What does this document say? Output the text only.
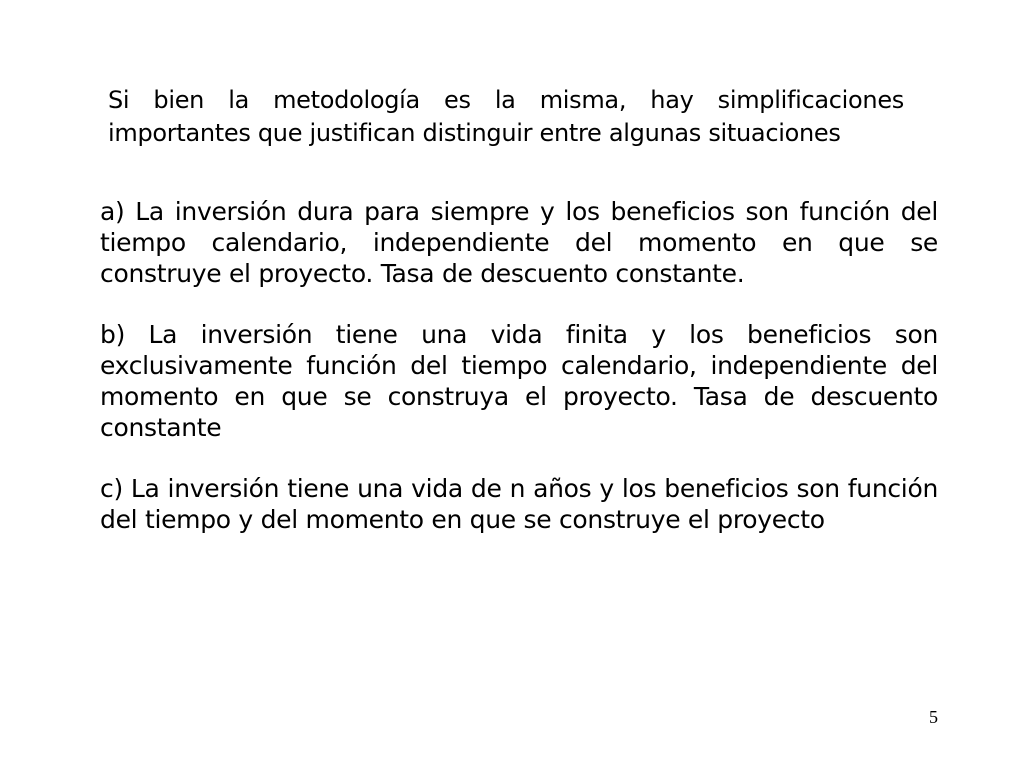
Si bien la metodología es la misma, hay simplificaciones importantes que justifican distinguir entre algunas situaciones

a) La inversión dura para siempre y los beneficios son función del tiempo calendario, independiente del momento en que se construye el proyecto. Tasa de descuento constante.

b) La inversión tiene una vida finita y los beneficios son exclusivamente función del tiempo calendario, independiente del momento en que se construya el proyecto. Tasa de descuento constante

c) La inversión tiene una vida de n años y los beneficios son función del tiempo y del momento en que se construye el proyecto

5
